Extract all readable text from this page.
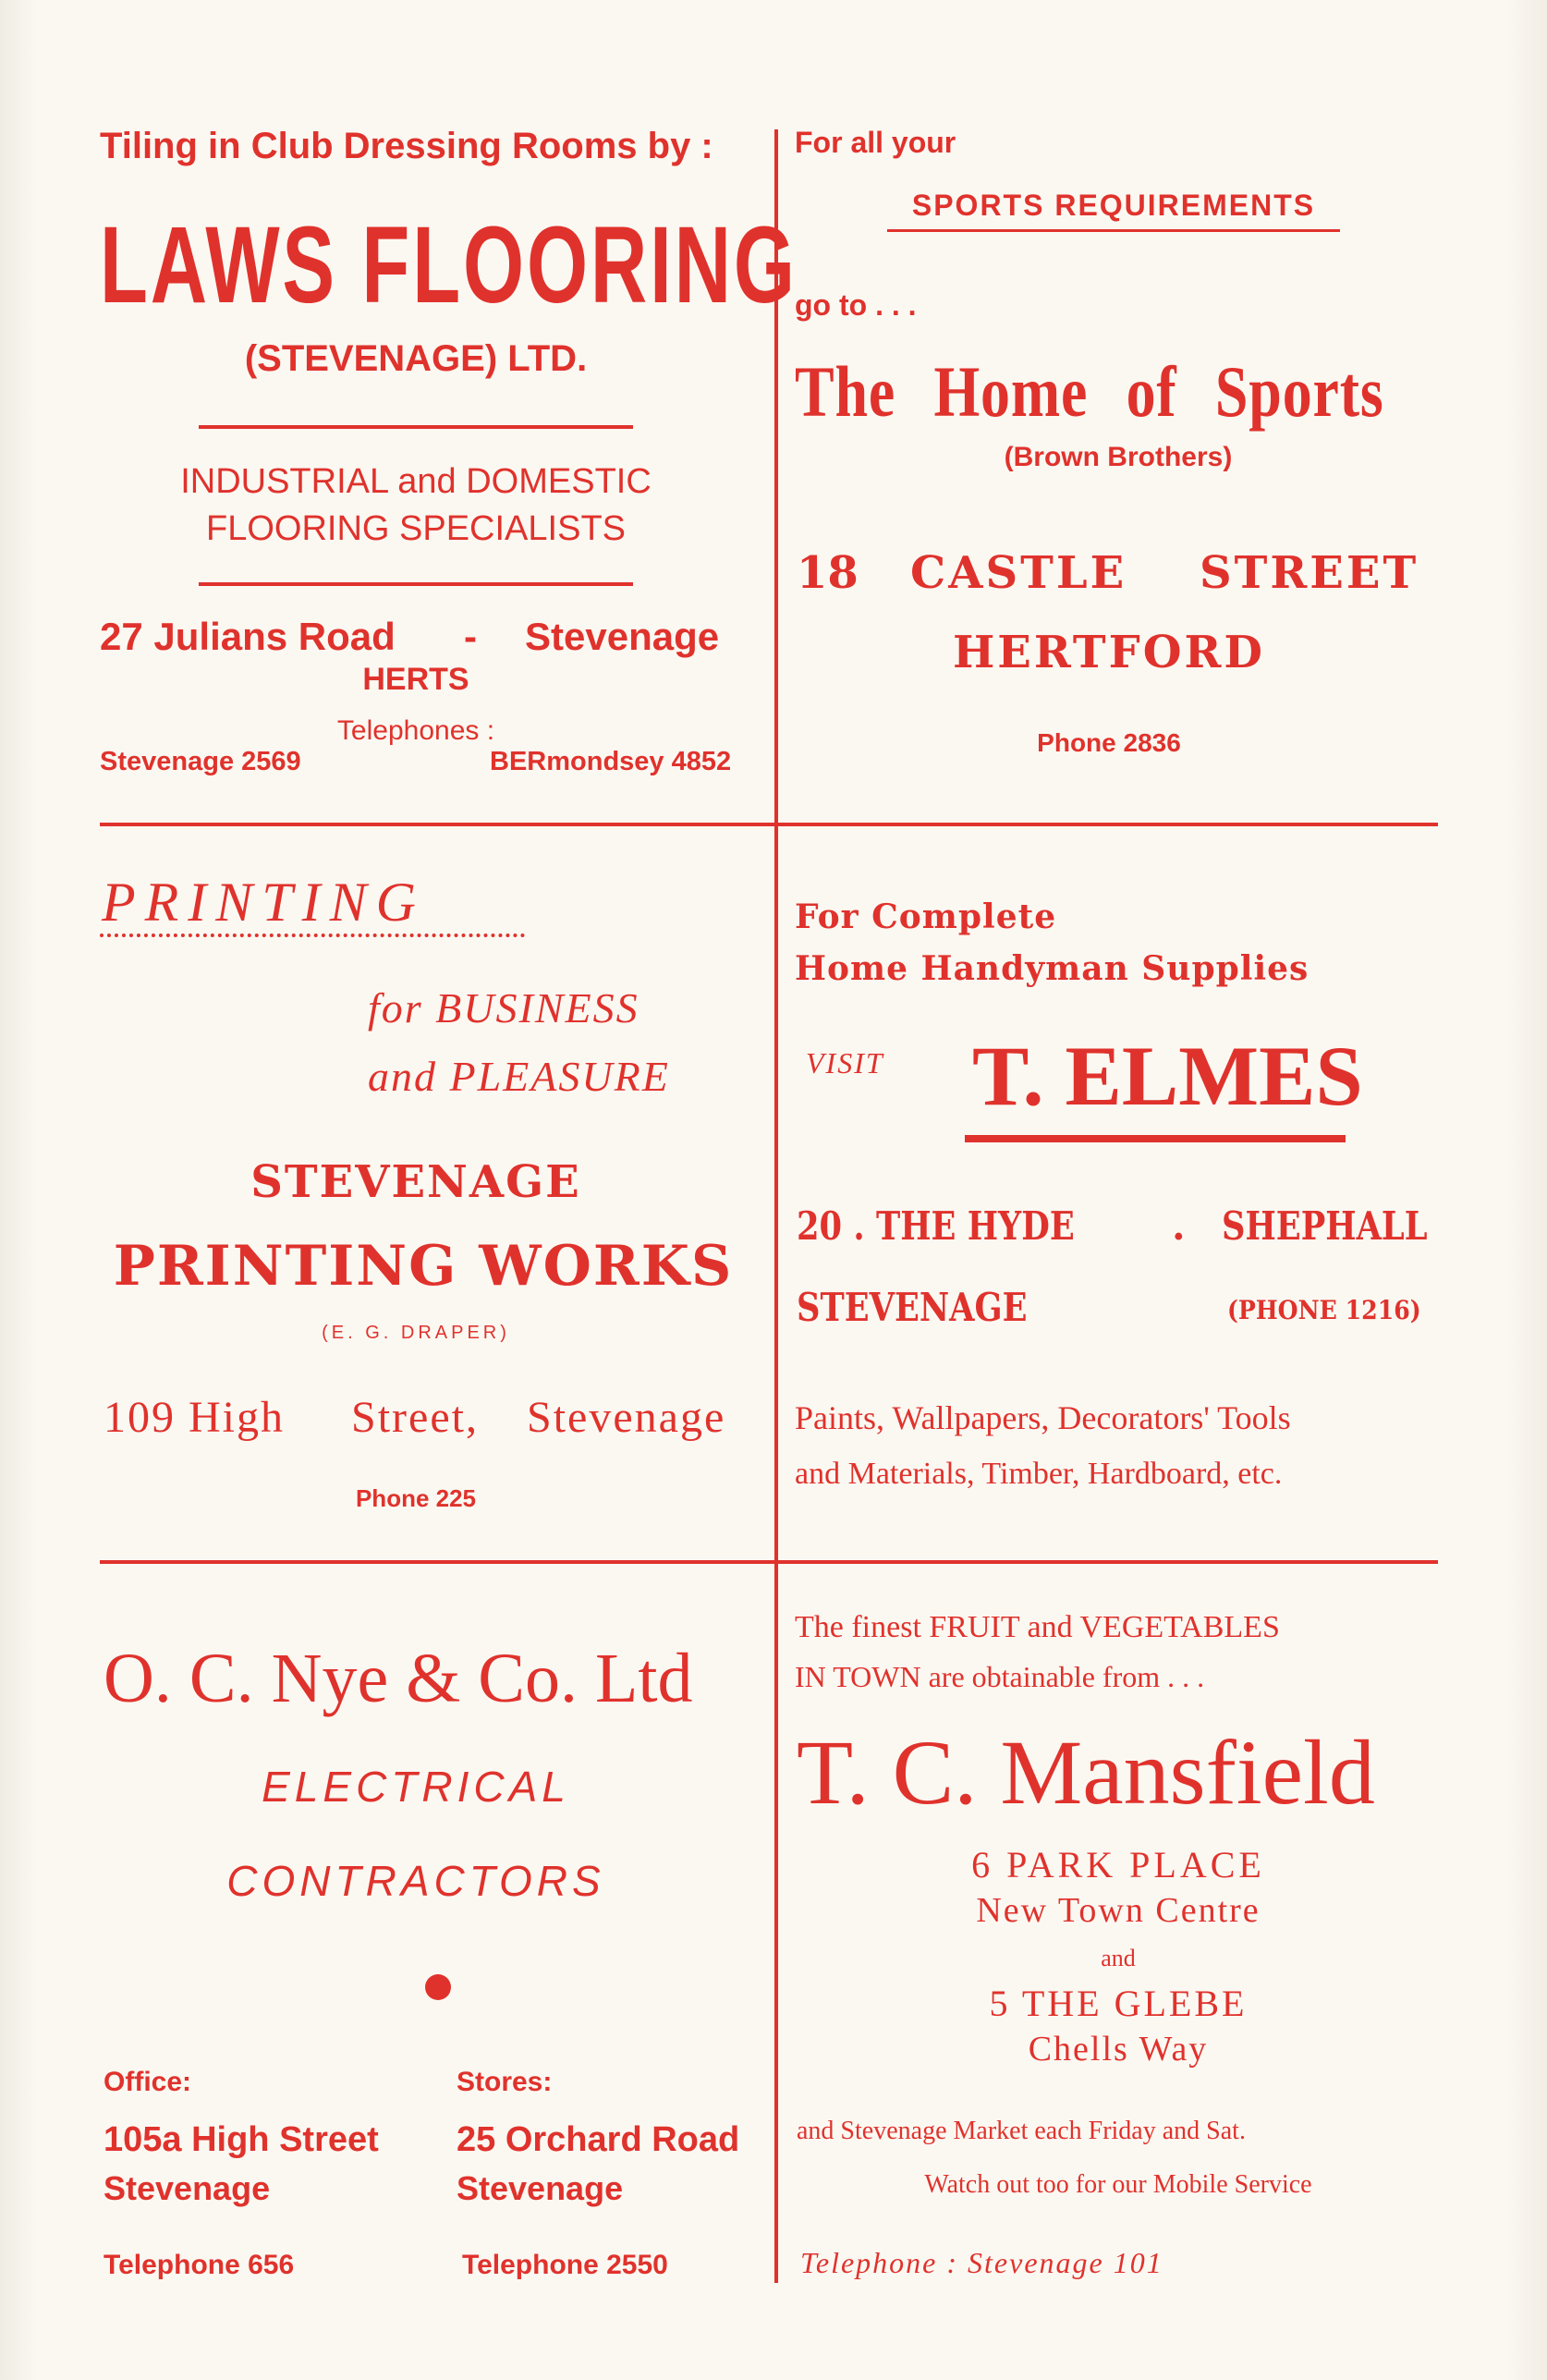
Tiling in Club Dressing Rooms by :
LAWS FLOORING
(STEVENAGE) LTD.
INDUSTRIAL and DOMESTIC
FLOORING SPECIALISTS
27 Julians Road - Stevenage
HERTS
Telephones :
Stevenage 2569	BERmondsey 4852
For all your
SPORTS REQUIREMENTS
go to . . .
The Home of Sports
(Brown Brothers)
18 CASTLE STREET
HERTFORD
Phone 2836
PRINTING
for BUSINESS
and PLEASURE
STEVENAGE
PRINTING WORKS
(E. G. DRAPER)
109 High Street, Stevenage
Phone 225
For Complete
Home Handyman Supplies
VISIT T. ELMES
20 . THE HYDE	. SHEPHALL
STEVENAGE	(PHONE 1216)
Paints, Wallpapers, Decorators' Tools
and Materials, Timber, Hardboard, etc.
O. C. Nye & Co. Ltd
ELECTRICAL
CONTRACTORS
Office:
105a High Street
Stevenage
Telephone 656
Stores:
25 Orchard Road
Stevenage
Telephone 2550
The finest FRUIT and VEGETABLES
IN TOWN are obtainable from . . .
T. C. Mansfield
6 PARK PLACE
New Town Centre
and
5 THE GLEBE
Chells Way
and Stevenage Market each Friday and Sat.
Watch out too for our Mobile Service
Telephone : Stevenage 101
